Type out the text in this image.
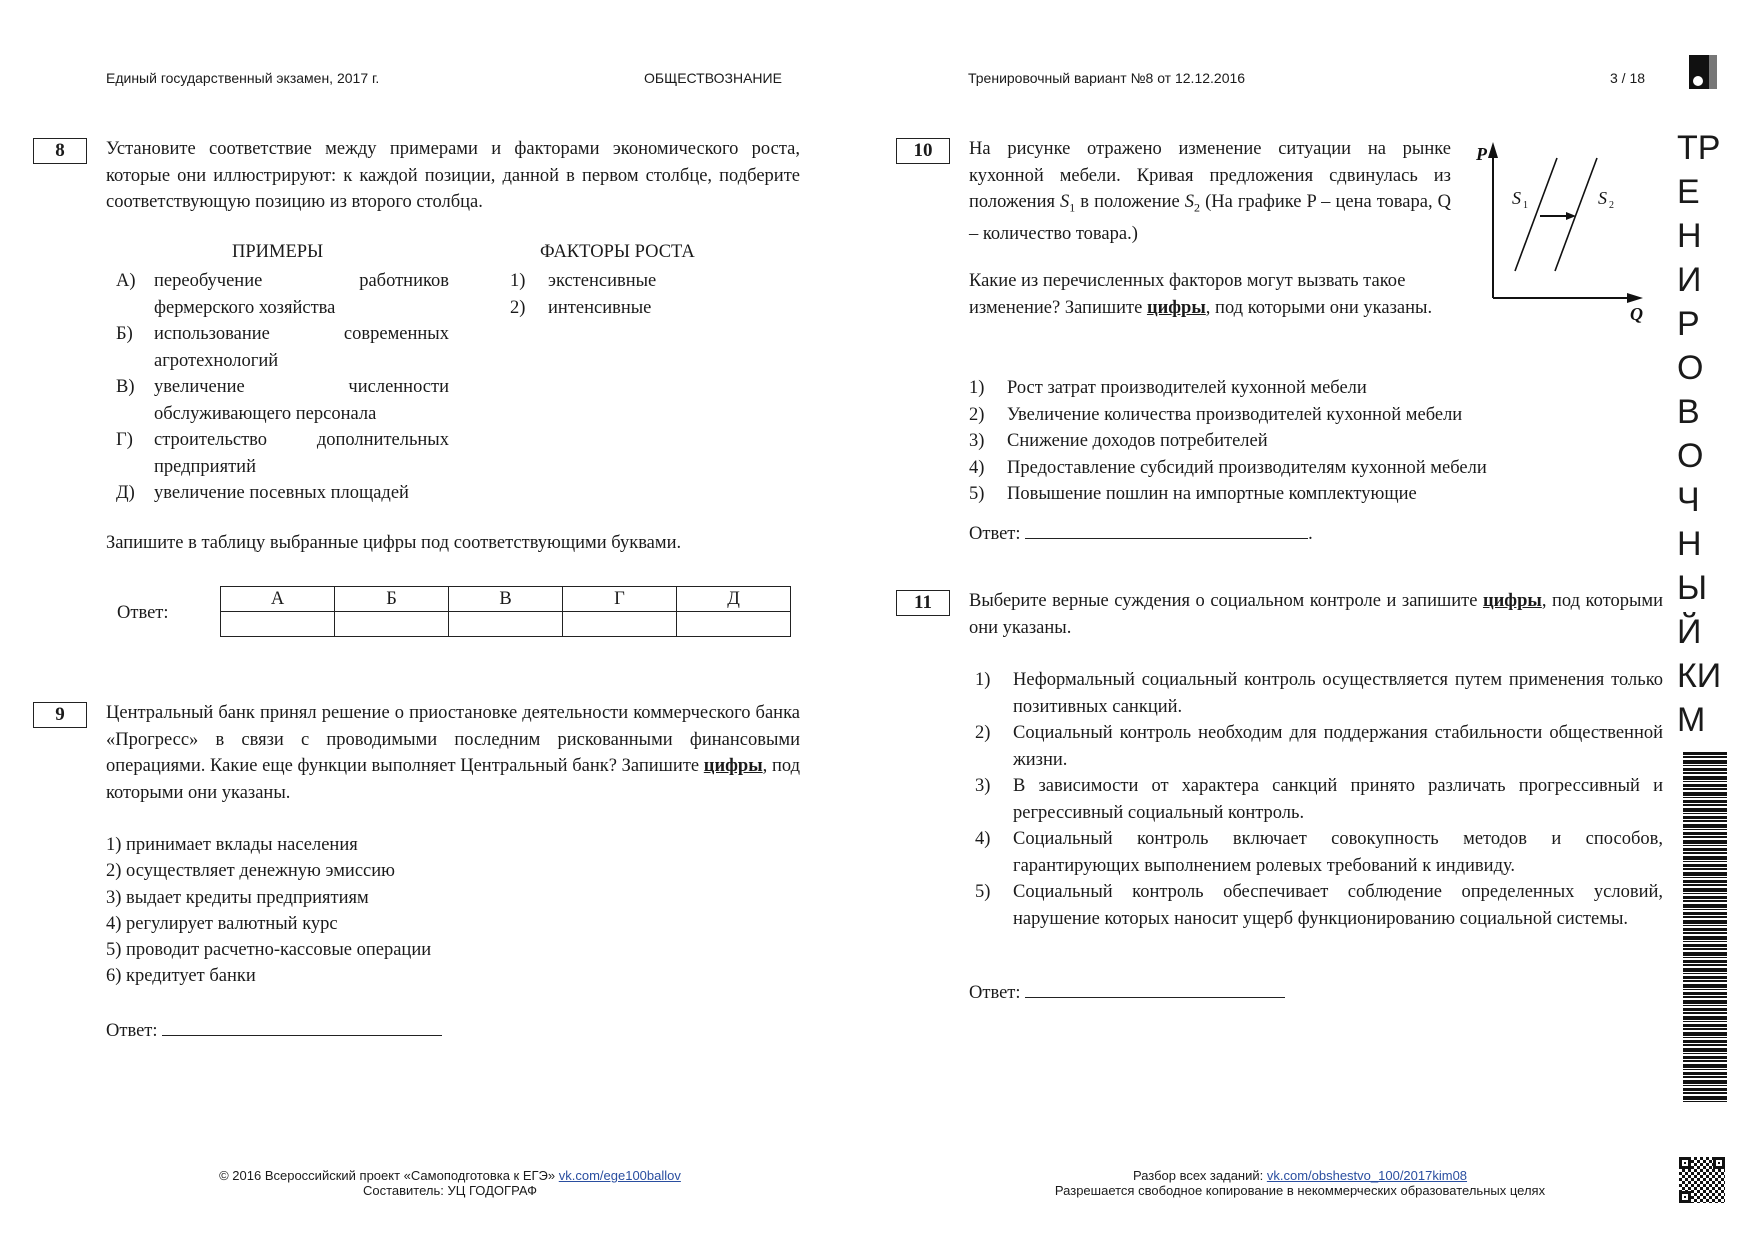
Единый государственный экзамен, 2017 г.	ОБЩЕСТВОЗНАНИЕ	Тренировочный вариант №8 от 12.12.2016	3 / 18
ТР
Е
Н
И
Р
О
В
О
Ч
Н
Ы
Й
КИ
М
8	Установите соответствие между примерами и факторами экономического роста, которые они иллюстрируют: к каждой позиции, данной в первом столбце, подберите соответствующую позицию из второго столбца.
ПРИМЕРЫ	ФАКТОРЫ РОСТА
А) переобучение работников фермерского хозяйства
Б)	использование современных агротехнологий
В)	увеличение численности обслуживающего персонала
Г)	строительство дополнительных предприятий
Д)	увеличение посевных площадей
1)	экстенсивные
2)	интенсивные
Запишите в таблицу выбранные цифры под соответствующими буквами.
Ответ:
А	Б	В	Г	Д

9	Центральный банк принял решение о приостановке деятельности коммерческого банка «Прогресс» в связи с проводимыми последним рискованными финансовыми операциями. Какие еще функции выполняет Центральный банк? Запишите цифры, под которыми они указаны.
1) принимает вклады населения
2) осуществляет денежную эмиссию
3) выдает кредиты предприятиям
4) регулирует валютный курс
5) проводит расчетно-кассовые операции
6) кредитует банки
Ответ:
10	На рисунке отражено изменение ситуации на рынке кухонной мебели. Кривая предложения сдвинулась из положения $S_1$ в положение $S_2$ (На графике P – цена товара, Q – количество товара.)
Какие из перечисленных факторов могут вызвать такое изменение? Запишите цифры, под которыми они указаны.
P
Q
S 1	S 2
1)	Рост затрат производителей кухонной мебели
2)	Увеличение количества производителей кухонной мебели
3)	Снижение доходов потребителей
4)	Предоставление субсидий производителям кухонной мебели
5)	Повышение пошлин на импортные комплектующие
Ответ:	.
11	Выберите верные суждения о социальном контроле и запишите цифры, под которыми они указаны.
1)	Неформальный социальный контроль осуществляется путем применения только позитивных санкций.
2)	Социальный контроль необходим для поддержания стабильности общественной жизни.
3)	В зависимости от характера санкций принято различать прогрессивный и регрессивный социальный контроль.
4)	Социальный контроль включает совокупность методов и способов, гарантирующих выполнением ролевых требований к индивиду.
5)	Социальный контроль обеспечивает соблюдение определенных условий, нарушение которых наносит ущерб функционированию социальной системы.
Ответ:
© 2016 Всероссийский проект «Самоподготовка к ЕГЭ» vk.com/ege100ballov
Составитель: УЦ ГОДОГРАФ
Разбор всех заданий: vk.com/obshestvo_100/2017kim08
Разрешается свободное копирование в некоммерческих образовательных целях
